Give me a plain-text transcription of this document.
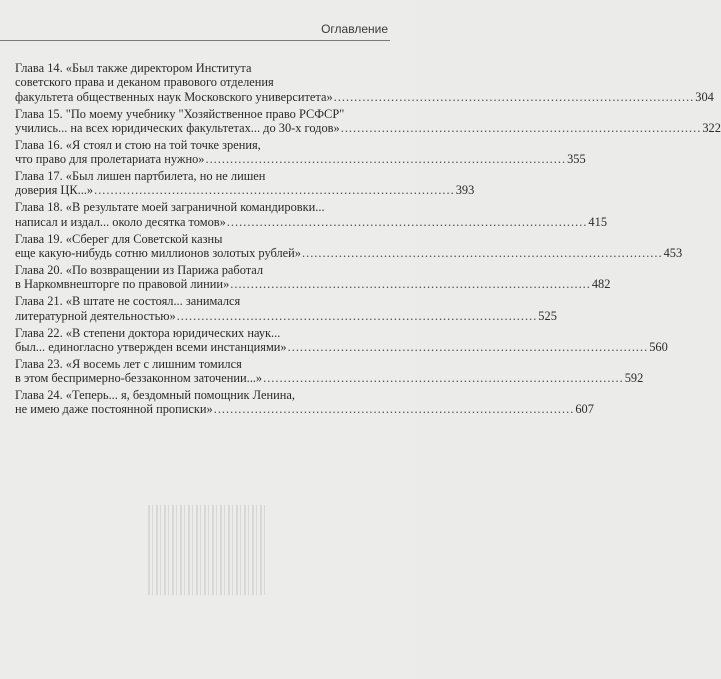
Оглавление
Глава 14. «Был также директором Института
советского права и деканом правового отделения
факультета общественных наук Московского университета» ........................................................................................ 304
Глава 15. "По моему учебнику "Хозяйственное право РСФСР"
учились... на всех юридических факультетах... до 30-х годов» ........................................................................................ 322
Глава 16. «Я стоял и стою на той точке зрения,
что право для пролетариата нужно» ........................................................................................ 355
Глава 17. «Был лишен партбилета, но не лишен
доверия ЦК...» ........................................................................................ 393
Глава 18. «В результате моей заграничной командировки...
написал и издал... около десятка томов» ........................................................................................ 415
Глава 19. «Сберег для Советской казны
еще какую-нибудь сотню миллионов золотых рублей» ........................................................................................ 453
Глава 20. «По возвращении из Парижа работал
в Наркомвнешторге по правовой линии» ........................................................................................ 482
Глава 21. «В штате не состоял... занимался
литературной деятельностью» ........................................................................................ 525
Глава 22. «В степени доктора юридических наук...
был... единогласно утвержден всеми инстанциями» ........................................................................................ 560
Глава 23. «Я восемь лет с лишним томился
в этом беспримерно-беззаконном заточении...» ........................................................................................ 592
Глава 24. «Теперь... я, бездомный помощник Ленина,
не имею даже постоянной прописки» ........................................................................................ 607
